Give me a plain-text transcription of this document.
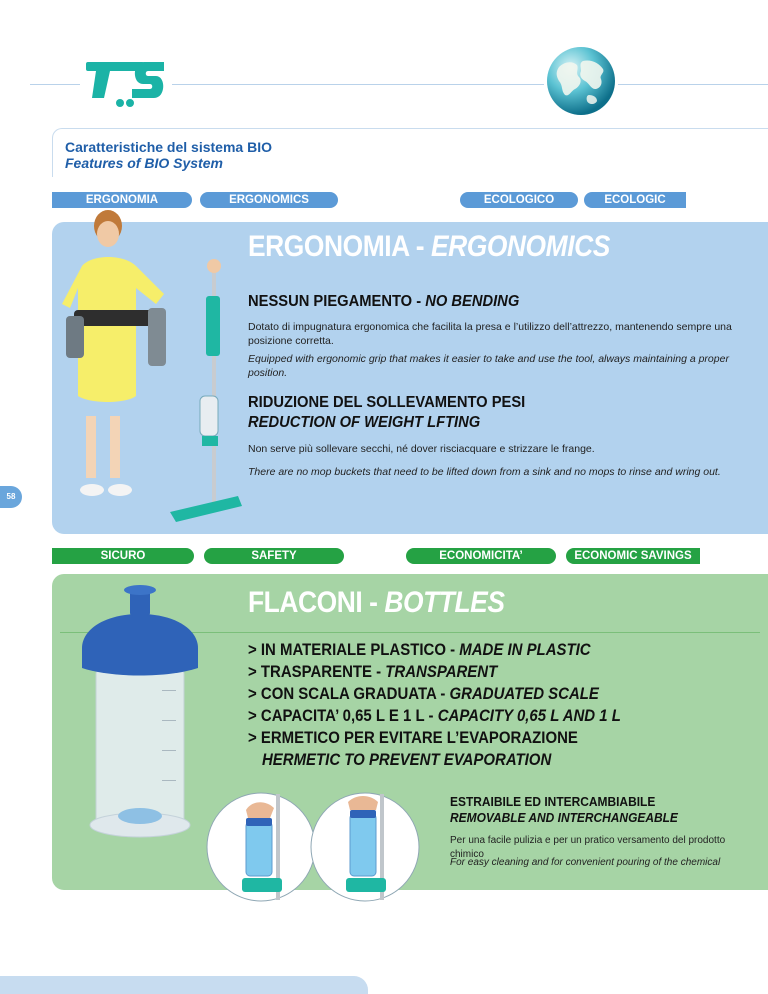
TS
Caratteristiche del sistema BIO
Features of BIO System
ERGONOMIA	ERGONOMICS	ECOLOGICO	ECOLOGIC
ERGONOMIA - ERGONOMICS
NESSUN PIEGAMENTO - NO BENDING
Dotato di impugnatura ergonomica che facilita la presa e l’utilizzo dell’attrezzo, mantenendo sempre una posizione corretta.
Equipped with ergonomic grip that makes it easier to take and use the tool, always maintaining a proper position.
RIDUZIONE DEL SOLLEVAMENTO PESI
REDUCTION OF WEIGHT LFTING
Non serve più sollevare secchi, né dover risciacquare e strizzare le frange.
There are no mop buckets that need to be lifted down from a sink and no mops to rinse and wring out.
58
SICURO	SAFETY	ECONOMICITA’	ECONOMIC SAVINGS
FLACONI - BOTTLES
> IN MATERIALE PLASTICO - MADE IN PLASTIC
> TRASPARENTE - TRANSPARENT
> CON SCALA GRADUATA - GRADUATED SCALE
> CAPACITA’ 0,65 L E 1 L - CAPACITY 0,65 L AND 1 L
> ERMETICO PER EVITARE L’EVAPORAZIONE
HERMETIC TO PREVENT EVAPORATION
ESTRAIBILE ED INTERCAMBIABILE
REMOVABLE AND INTERCHANGEABLE
Per una facile pulizia e per un pratico versamento del prodotto chimico
For easy cleaning and for convenient pouring of the chemical
